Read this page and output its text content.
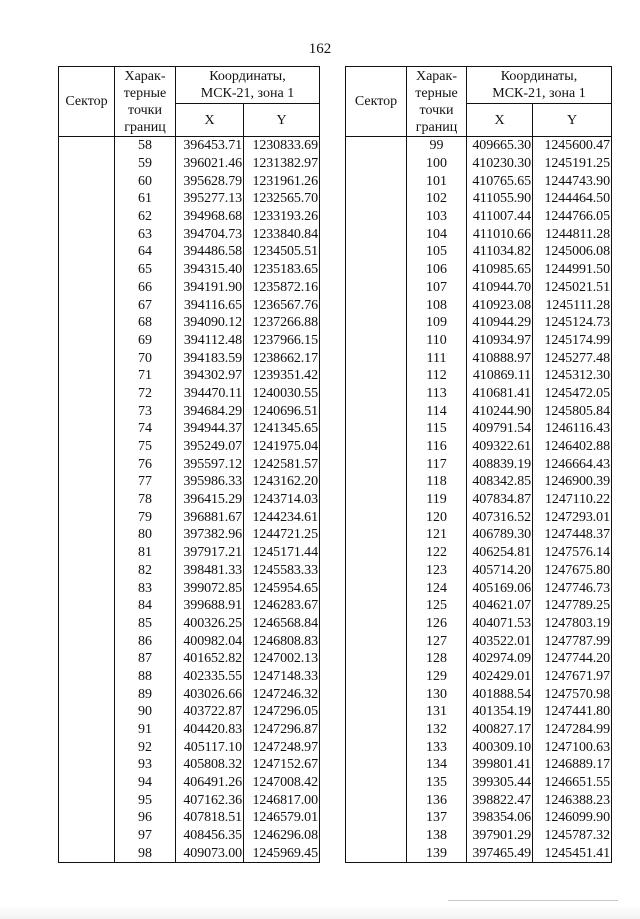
162
Сектор	Харак-
терные
точки
границ	Координаты,
МСК-21, зона 1	
		X	Y
	58	396453.71	1230833.69
	59	396021.46	1231382.97
	60	395628.79	1231961.26
	61	395277.13	1232565.70
	62	394968.68	1233193.26
	63	394704.73	1233840.84
	64	394486.58	1234505.51
	65	394315.40	1235183.65
	66	394191.90	1235872.16
	67	394116.65	1236567.76
	68	394090.12	1237266.88
	69	394112.48	1237966.15
	70	394183.59	1238662.17
	71	394302.97	1239351.42
	72	394470.11	1240030.55
	73	394684.29	1240696.51
	74	394944.37	1241345.65
	75	395249.07	1241975.04
	76	395597.12	1242581.57
	77	395986.33	1243162.20
	78	396415.29	1243714.03
	79	396881.67	1244234.61
	80	397382.96	1244721.25
	81	397917.21	1245171.44
	82	398481.33	1245583.33
	83	399072.85	1245954.65
	84	399688.91	1246283.67
	85	400326.25	1246568.84
	86	400982.04	1246808.83
	87	401652.82	1247002.13
	88	402335.55	1247148.33
	89	403026.66	1247246.32
	90	403722.87	1247296.05
	91	404420.83	1247296.87
	92	405117.10	1247248.97
	93	405808.32	1247152.67
	94	406491.26	1247008.42
	95	407162.36	1246817.00
	96	407818.51	1246579.01
	97	408456.35	1246296.08
	98	409073.00	1245969.45
Сектор	Харак-
терные
точки
границ	Координаты,
МСК-21, зона 1	
		X	Y
	99	409665.30	1245600.47
	100	410230.30	1245191.25
	101	410765.65	1244743.90
	102	411055.90	1244464.50
	103	411007.44	1244766.05
	104	411010.66	1244811.28
	105	411034.82	1245006.08
	106	410985.65	1244991.50
	107	410944.70	1245021.51
	108	410923.08	1245111.28
	109	410944.29	1245124.73
	110	410934.97	1245174.99
	111	410888.97	1245277.48
	112	410869.11	1245312.30
	113	410681.41	1245472.05
	114	410244.90	1245805.84
	115	409791.54	1246116.43
	116	409322.61	1246402.88
	117	408839.19	1246664.43
	118	408342.85	1246900.39
	119	407834.87	1247110.22
	120	407316.52	1247293.01
	121	406789.30	1247448.37
	122	406254.81	1247576.14
	123	405714.20	1247675.80
	124	405169.06	1247746.73
	125	404621.07	1247789.25
	126	404071.53	1247803.19
	127	403522.01	1247787.99
	128	402974.09	1247744.20
	129	402429.01	1247671.97
	130	401888.54	1247570.98
	131	401354.19	1247441.80
	132	400827.17	1247284.99
	133	400309.10	1247100.63
	134	399801.41	1246889.17
	135	399305.44	1246651.55
	136	398822.47	1246388.23
	137	398354.06	1246099.90
	138	397901.29	1245787.32
	139	397465.49	1245451.41
